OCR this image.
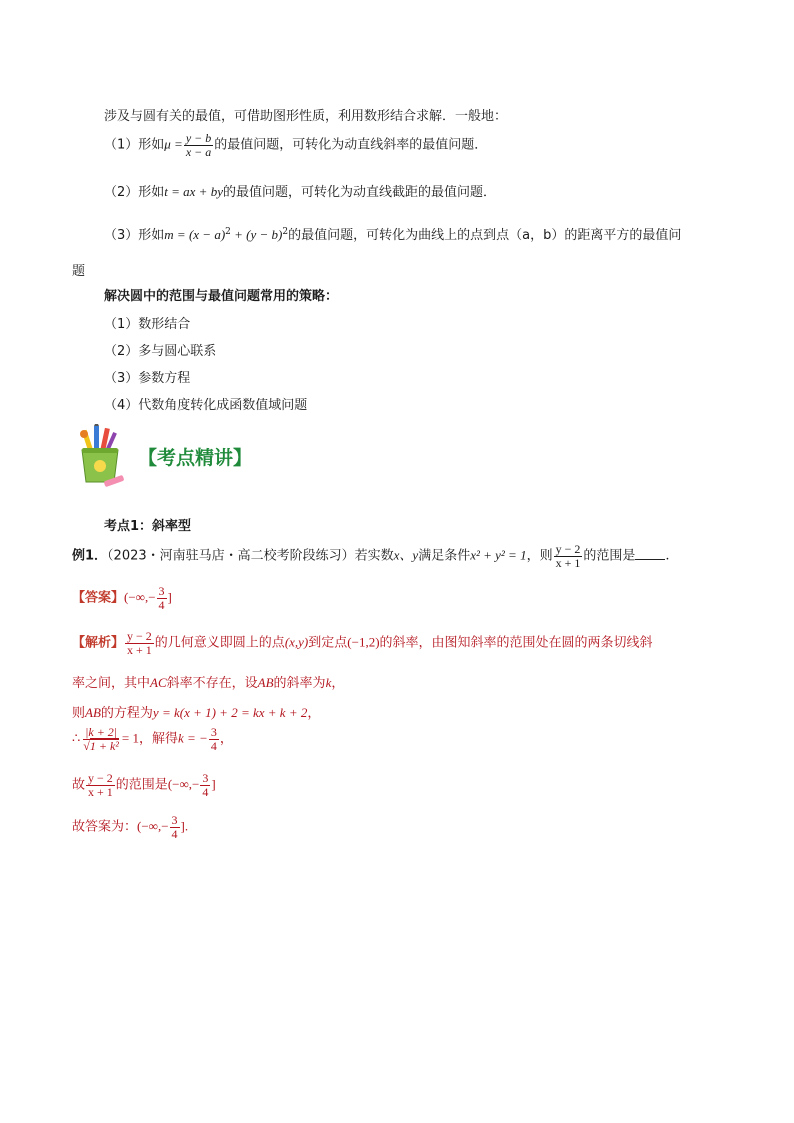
涉及与圆有关的最值，可借助图形性质，利用数形结合求解．一般地：
（1）形如$\mu = \frac{y - b}{x - a}$ 的最值问题，可转化为动直线斜率的最值问题．
（2）形如t = ax + by的最值问题，可转化为动直线截距的最值问题．
（3）形如$m = (x - a)^2 + (y - b)^2$的最值问题，可转化为曲线上的点到点（a，b）的距离平方的最值问
题
解决圆中的范围与最值问题常用的策略：
（1）数形结合
（2）多与圆心联系
（3）参数方程
（4）代数角度转化成函数值域问题
【考点精讲】
考点1：斜率型
例1．（2023・河南驻马店・高二校考阶段练习）若实数x、y满足条件x² + y² = 1，则 $\frac{y - 2}{x + 1}$ 的范围是 .
【答案】(−∞,− $\frac{3}{4}$ ]
【解析】 $\frac{y - 2}{x + 1}$ 的几何意义即圆上的点(x,y)到定点(−1,2)的斜率，由图知斜率的范围处在圆的两条切线斜
率之间，其中AC斜率不存在，设AB的斜率为k，
则AB的方程为y = k(x + 1) + 2 = kx + k + 2，
∴ $\frac{|k + 2|}{\text{√1 + k²}} = 1$，解得k = − $\frac{3}{4}$ ，
故 $\frac{y - 2}{x + 1}$ 的范围是(−∞,− $\frac{3}{4}$ ]
故答案为：(−∞,− $\frac{3}{4}$ ].
